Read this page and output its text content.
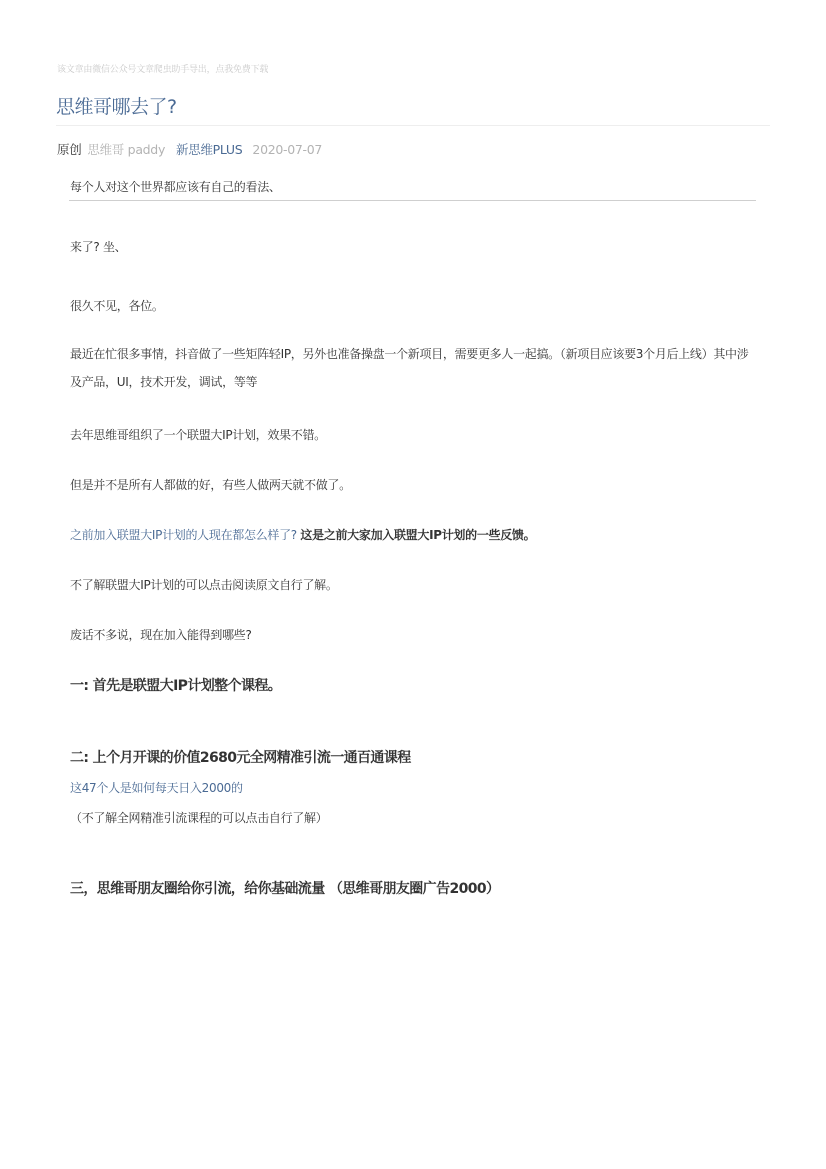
该文章由微信公众号文章爬虫助手导出，点我免费下载
思维哥哪去了?
原创 思维哥 paddy 新思维PLUS 2020-07-07
每个人对这个世界都应该有自己的看法、

来了? 坐、

很久不见，各位。

最近在忙很多事情，抖音做了一些矩阵轻IP，另外也准备操盘一个新项目，需要更多人一起搞。（新项目应该要3个月后上线）其中涉及产品，UI，技术开发，调试，等等

去年思维哥组织了一个联盟大IP计划，效果不错。

但是并不是所有人都做的好，有些人做两天就不做了。

之前加入联盟大IP计划的人现在都怎么样了? 这是之前大家加入联盟大IP计划的一些反馈。

不了解联盟大IP计划的可以点击阅读原文自行了解。

废话不多说，现在加入能得到哪些?

一: 首先是联盟大IP计划整个课程。
二: 上个月开课的价值2680元全网精准引流一通百通课程

这47个人是如何每天日入2000的

（不了解全网精准引流课程的可以点击自行了解）

三，思维哥朋友圈给你引流，给你基础流量 （思维哥朋友圈广告2000）
